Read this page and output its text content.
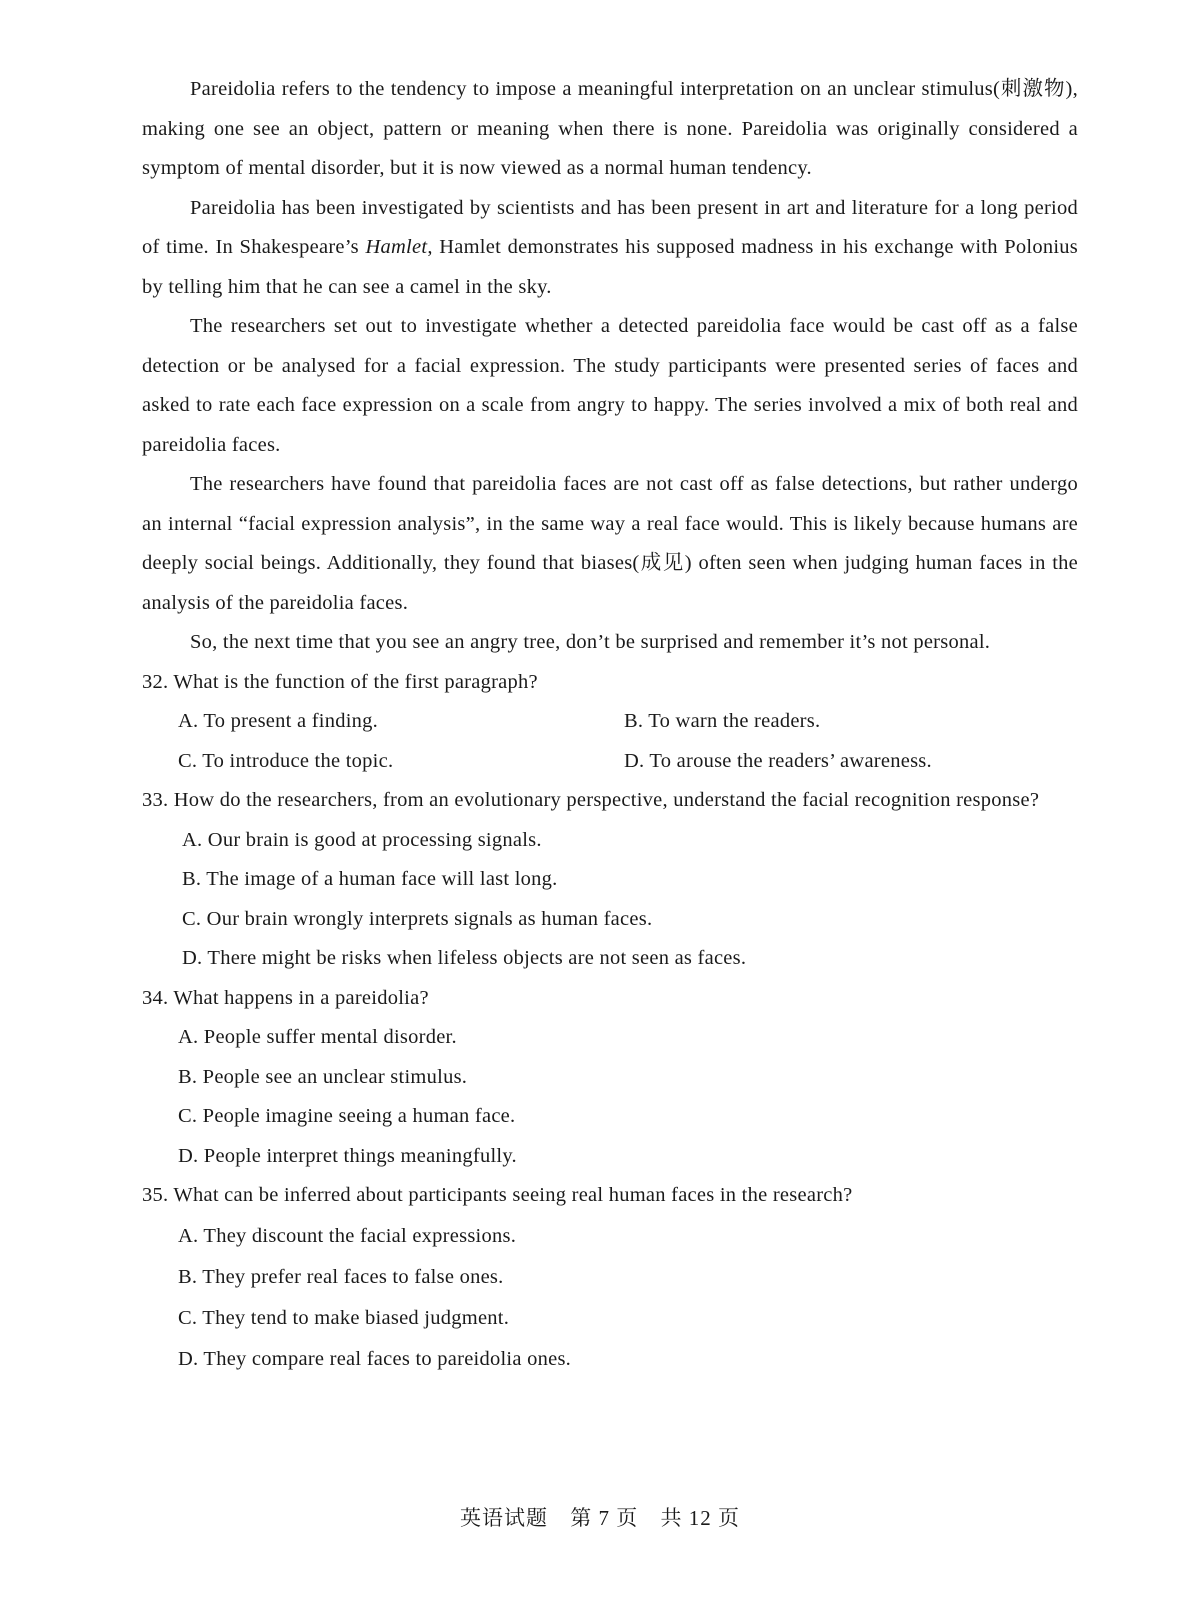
Pareidolia refers to the tendency to impose a meaningful interpretation on an unclear stimulus(刺激物), making one see an object, pattern or meaning when there is none. Pareidolia was originally considered a symptom of mental disorder, but it is now viewed as a normal human tendency.

Pareidolia has been investigated by scientists and has been present in art and literature for a long period of time. In Shakespeare’s Hamlet, Hamlet demonstrates his supposed madness in his exchange with Polonius by telling him that he can see a camel in the sky.

The researchers set out to investigate whether a detected pareidolia face would be cast off as a false detection or be analysed for a facial expression. The study participants were presented series of faces and asked to rate each face expression on a scale from angry to happy. The series involved a mix of both real and pareidolia faces.

The researchers have found that pareidolia faces are not cast off as false detections, but rather undergo an internal “facial expression analysis”, in the same way a real face would. This is likely because humans are deeply social beings. Additionally, they found that biases(成见) often seen when judging human faces in the analysis of the pareidolia faces.

So, the next time that you see an angry tree, don’t be surprised and remember it’s not personal.

32. What is the function of the first paragraph?

A. To present a finding.	B. To warn the readers.
C. To introduce the topic.	D. To arouse the readers’ awareness.

33. How do the researchers, from an evolutionary perspective, understand the facial recognition response?

A. Our brain is good at processing signals.
B. The image of a human face will last long.
C. Our brain wrongly interprets signals as human faces.
D. There might be risks when lifeless objects are not seen as faces.

34. What happens in a pareidolia?

A. People suffer mental disorder.
B. People see an unclear stimulus.
C. People imagine seeing a human face.
D. People interpret things meaningfully.

35. What can be inferred about participants seeing real human faces in the research?

A. They discount the facial expressions.
B. They prefer real faces to false ones.
C. They tend to make biased judgment.
D. They compare real faces to pareidolia ones.
英语试题 第 7 页 共 12 页
